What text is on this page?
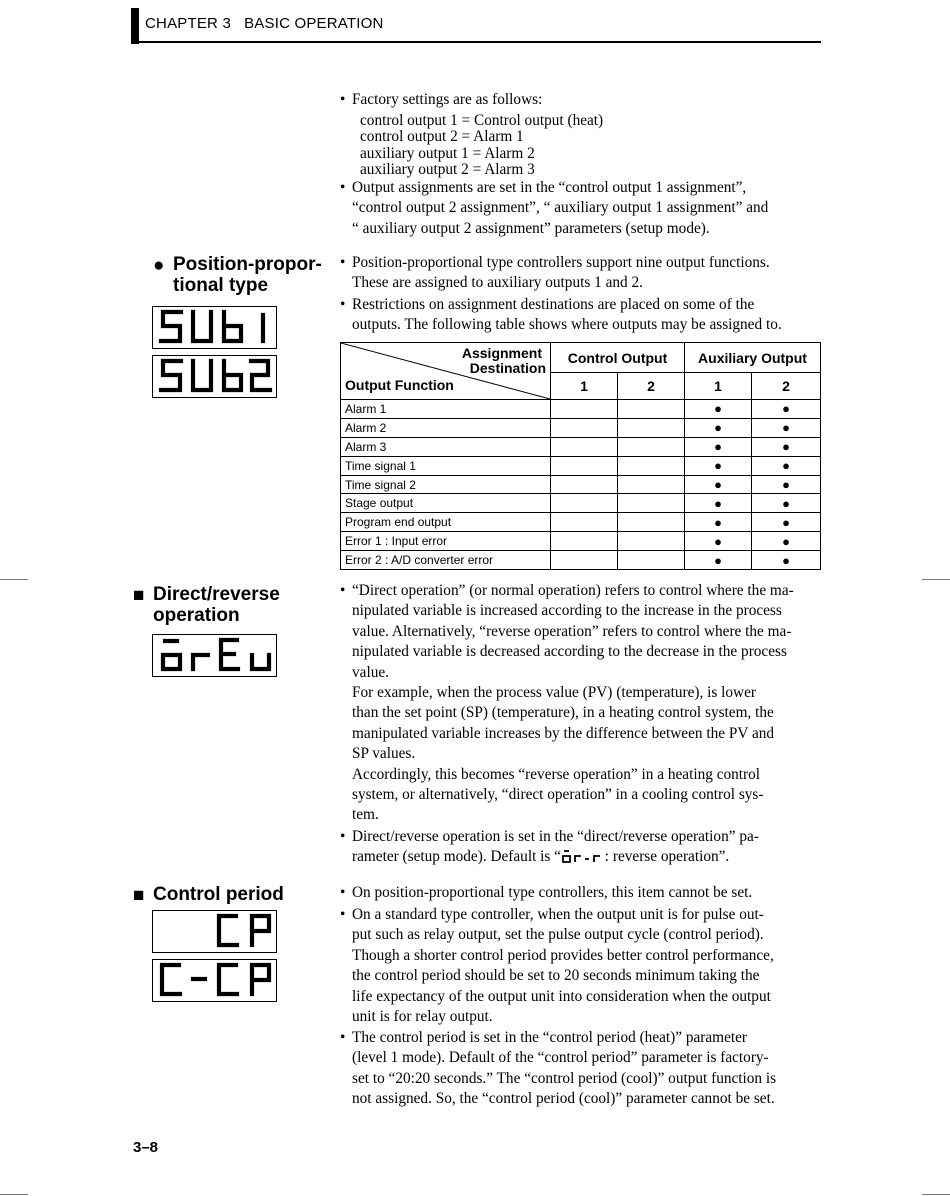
CHAPTER 3   BASIC OPERATION
• Factory settings are as follows:
control output 1 = Control output (heat)
control output 2 = Alarm 1
auxiliary output 1 = Alarm 2
auxiliary output 2 = Alarm 3
• Output assignments are set in the “control output 1 assignment”,
“control output 2 assignment”, “ auxiliary output 1 assignment” and
“ auxiliary output 2 assignment” parameters (setup mode).
● Position-propor-
tional type
• Position-proportional type controllers support nine output functions.
These are assigned to auxiliary outputs 1 and 2.
• Restrictions on assignment destinations are placed on some of the
outputs. The following table shows where outputs may be assigned to.
Assignment
Destination
Output Function	Control Output		Auxiliary Output	
	1	2	1	2
Alarm 1			●	●
Alarm 2			●	●
Alarm 3			●	●
Time signal 1			●	●
Time signal 2			●	●
Stage output			●	●
Program end output			●	●
Error 1 : Input error			●	●
Error 2 : A/D converter error			●	●
■ Direct/reverse
operation
• “Direct operation” (or normal operation) refers to control where the ma-
nipulated variable is increased according to the increase in the process
value. Alternatively, “reverse operation” refers to control where the ma-
nipulated variable is decreased according to the decrease in the process
value.
For example, when the process value (PV) (temperature), is lower
than the set point (SP) (temperature), in a heating control system, the
manipulated variable increases by the difference between the PV and
SP values.
Accordingly, this becomes “reverse operation” in a heating control
system, or alternatively, “direct operation” in a cooling control sys-
tem.
• Direct/reverse operation is set in the “direct/reverse operation” pa-
rameter (setup mode). Default is “	: reverse operation”.
■ Control period	• On position-proportional type controllers, this item cannot be set.
• On a standard type controller, when the output unit is for pulse out-
put such as relay output, set the pulse output cycle (control period).
Though a shorter control period provides better control performance,
the control period should be set to 20 seconds minimum taking the
life expectancy of the output unit into consideration when the output
unit is for relay output.
• The control period is set in the “control period (heat)” parameter
(level 1 mode). Default of the “control period” parameter is factory-
set to “20:20 seconds.” The “control period (cool)” output function is
not assigned. So, the “control period (cool)” parameter cannot be set.
3–8
